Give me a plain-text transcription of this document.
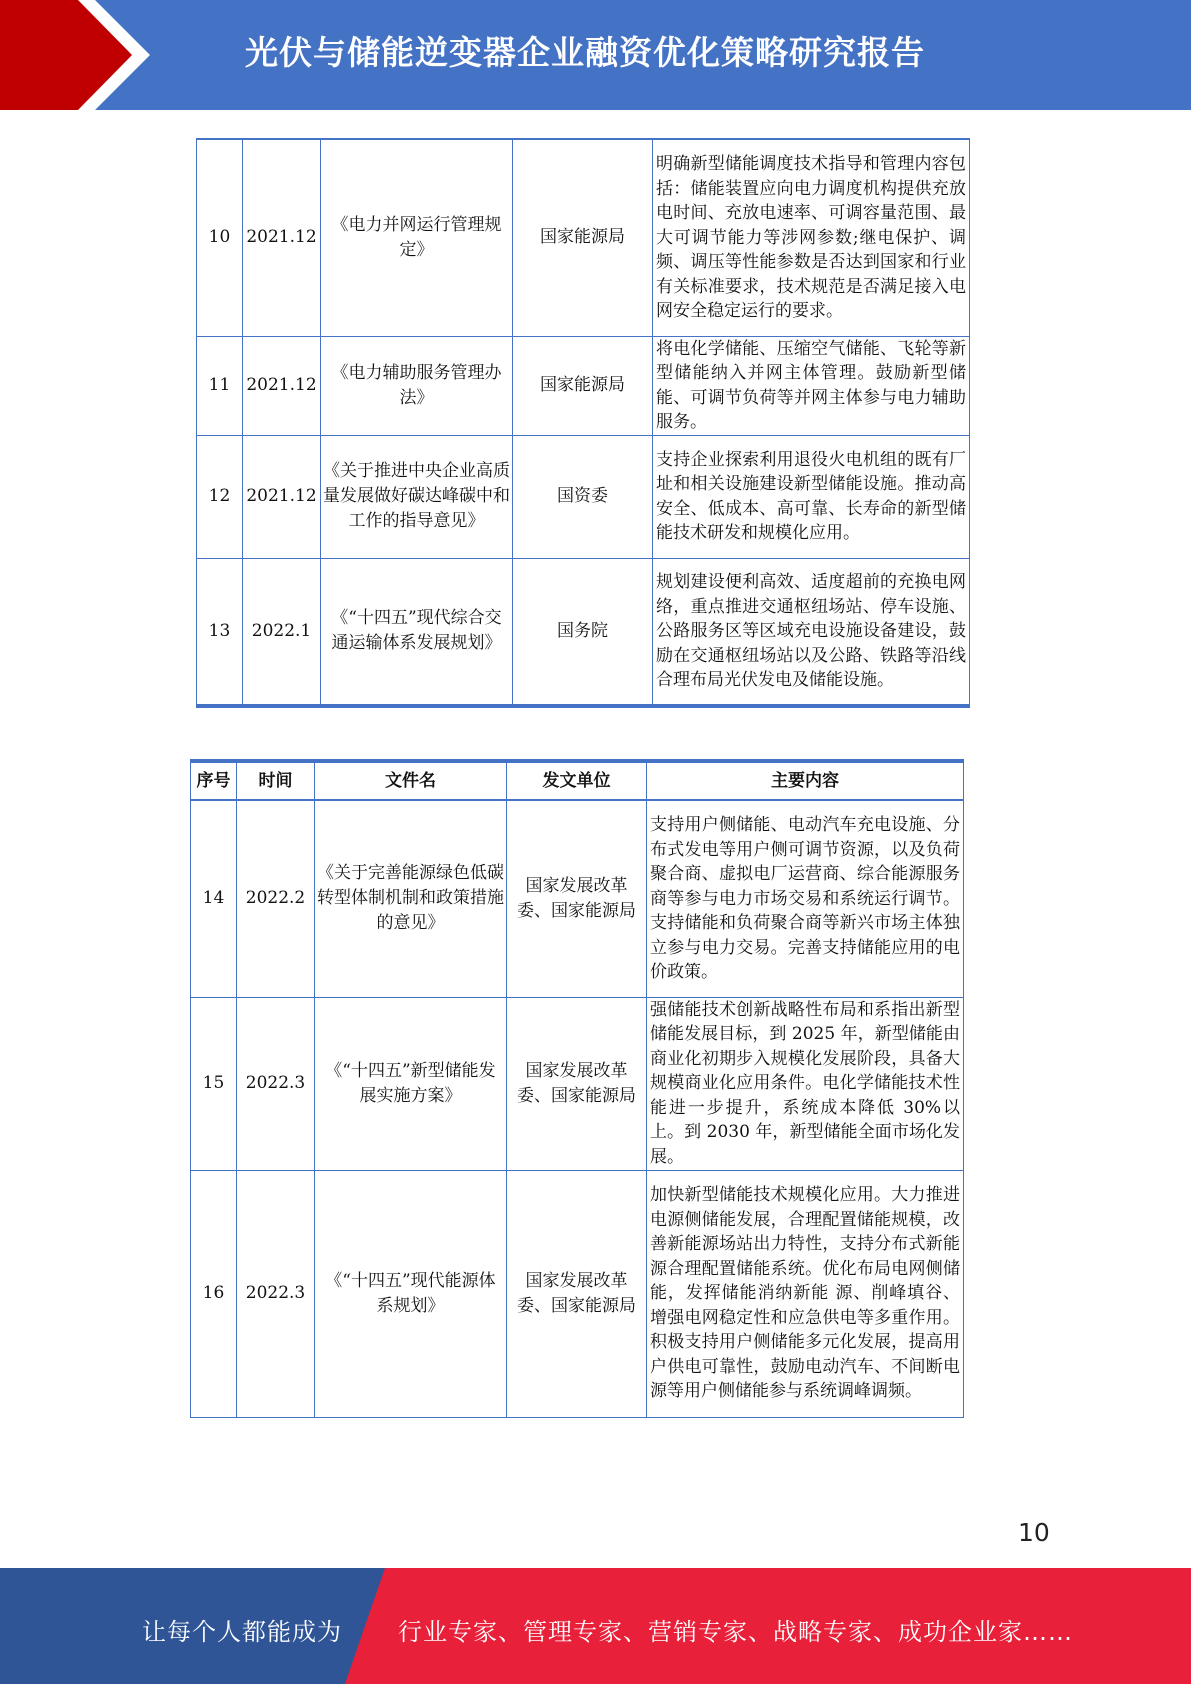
光伏与储能逆变器企业融资优化策略研究报告
10	2021.12	《电力并网运行管理规定》	国家能源局	明确新型储能调度技术指导和管理内容包括：储能装置应向电力调度机构提供充放电时间、充放电速率、可调容量范围、最大可调节能力等涉网参数;继电保护、调频、调压等性能参数是否达到国家和行业有关标准要求，技术规范是否满足接入电网安全稳定运行的要求。
11	2021.12	《电力辅助服务管理办法》	国家能源局	将电化学储能、压缩空气储能、飞轮等新型储能纳入并网主体管理。鼓励新型储能、可调节负荷等并网主体参与电力辅助服务。
12	2021.12	《关于推进中央企业高质量发展做好碳达峰碳中和工作的指导意见》	国资委	支持企业探索利用退役火电机组的既有厂址和相关设施建设新型储能设施。推动高安全、低成本、高可靠、长寿命的新型储能技术研发和规模化应用。
13	2022.1	《“十四五”现代综合交通运输体系发展规划》	国务院	规划建设便利高效、适度超前的充换电网络，重点推进交通枢纽场站、停车设施、公路服务区等区域充电设施设备建设，鼓励在交通枢纽场站以及公路、铁路等沿线合理布局光伏发电及储能设施。
序号	时间	文件名	发文单位	主要内容
14	2022.2	《关于完善能源绿色低碳转型体制机制和政策措施的意见》	国家发展改革委、国家能源局	支持用户侧储能、电动汽车充电设施、分布式发电等用户侧可调节资源，以及负荷聚合商、虚拟电厂运营商、综合能源服务商等参与电力市场交易和系统运行调节。支持储能和负荷聚合商等新兴市场主体独立参与电力交易。完善支持储能应用的电价政策。
15	2022.3	《“十四五”新型储能发展实施方案》	国家发展改革委、国家能源局	强储能技术创新战略性布局和系指出新型储能发展目标，到 2025 年，新型储能由商业化初期步入规模化发展阶段，具备大规模商业化应用条件。电化学储能技术性能进一步提升，系统成本降低 30%以上。到 2030 年，新型储能全面市场化发展。
16	2022.3	《“十四五”现代能源体系规划》	国家发展改革委、国家能源局	加快新型储能技术规模化应用。大力推进电源侧储能发展，合理配置储能规模，改善新能源场站出力特性，支持分布式新能源合理配置储能系统。优化布局电网侧储能，发挥储能消纳新能 源、削峰填谷、增强电网稳定性和应急供电等多重作用。积极支持用户侧储能多元化发展，提高用户供电可靠性，鼓励电动汽车、不间断电源等用户侧储能参与系统调峰调频。
10
让每个人都能成为 行业专家、管理专家、营销专家、战略专家、成功企业家……
